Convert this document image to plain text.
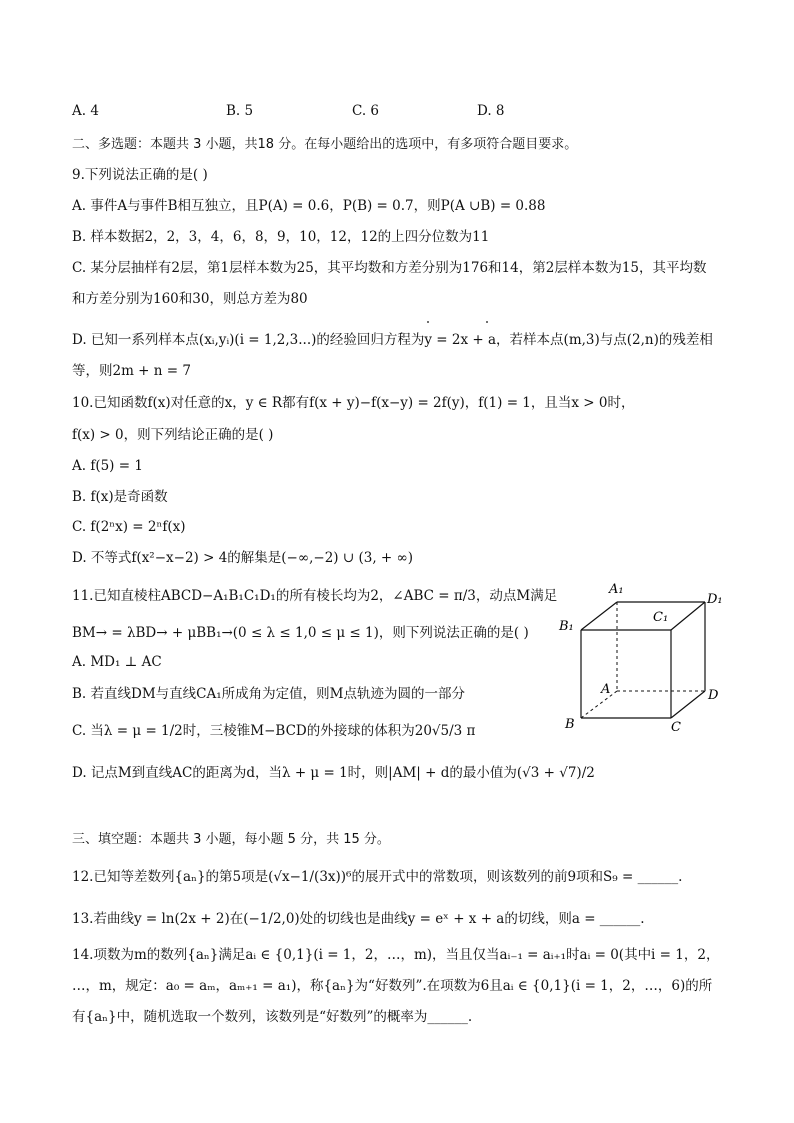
A. 4	B. 5	C. 6	D. 8
二、多选题：本题共 3 小题，共18 分。在每小题给出的选项中，有多项符合题目要求。
9.下列说法正确的是( )
A. 事件A与事件B相互独立，且P(A) = 0.6，P(B) = 0.7，则P(A ∪B) = 0.88
B. 样本数据2，2，3，4，6，8，9，10，12，12的上四分位数为11
C. 某分层抽样有2层，第1层样本数为25，其平均数和方差分别为176和14，第2层样本数为15，其平均数
和方差分别为160和30，则总方差为80
D. 已知一系列样本点(xᵢ,yᵢ)(i = 1,2,3...)的经验回归方程为y = 2x + a，若样本点(m,3)与点(2,n)的残差相
等，则2m + n = 7
10.已知函数f(x)对任意的x，y ∈ R都有f(x + y)−f(x−y) = 2f(y)，f(1) = 1，且当x > 0时，
f(x) > 0，则下列结论正确的是( )
A. f(5) = 1
B. f(x)是奇函数
C. f(2ⁿx) = 2ⁿf(x)
D. 不等式f(x²−x−2) > 4的解集是(−∞,−2) ∪ (3, + ∞)
11.已知直棱柱ABCD−A₁B₁C₁D₁的所有棱长均为2，∠ABC = π/3，动点M满足
BM→ = λBD→ + μBB₁→(0 ≤ λ ≤ 1,0 ≤ μ ≤ 1)，则下列说法正确的是( )
A. MD₁ ⊥ AC
B. 若直线DM与直线CA₁所成角为定值，则M点轨迹为圆的一部分
C. 当λ = μ = 1/2时，三棱锥M−BCD的外接球的体积为20√5/3 π
D. 记点M到直线AC的距离为d，当λ + μ = 1时，则|AM| + d的最小值为(√3 + √7)/2
A₁
B₁
C₁
D₁
A
B	C
D
三、填空题：本题共 3 小题，每小题 5 分，共 15 分。
12.已知等差数列{aₙ}的第5项是(√x−1/(3x))⁶的展开式中的常数项，则该数列的前9项和S₉ = ______.
13.若曲线y = ln(2x + 2)在(−1/2,0)处的切线也是曲线y = eˣ + x + a的切线，则a = ______.
14.项数为m的数列{aₙ}满足aᵢ ∈ {0,1}(i = 1，2，…，m)，当且仅当aᵢ₋₁ = aᵢ₊₁时aᵢ = 0(其中i = 1，2，
…，m，规定：a₀ = aₘ，aₘ₊₁ = a₁)，称{aₙ}为“好数列”.在项数为6且aᵢ ∈ {0,1}(i = 1，2，…，6)的所
有{aₙ}中，随机选取一个数列，该数列是“好数列”的概率为______.
